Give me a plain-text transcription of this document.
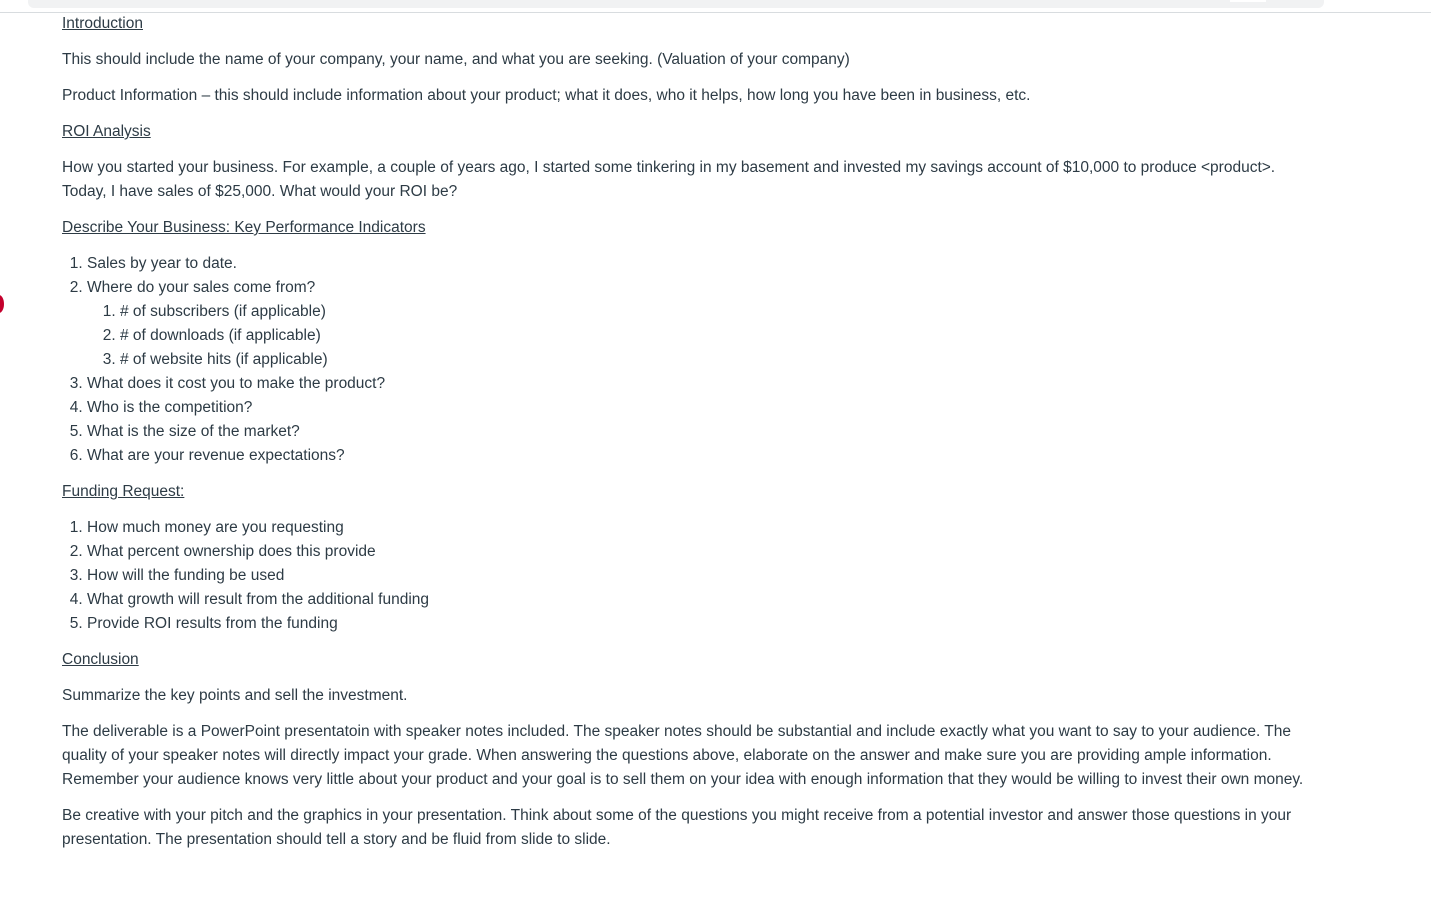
Introduction

This should include the name of your company, your name, and what you are seeking. (Valuation of your company)

Product Information – this should include information about your product; what it does, who it helps, how long you have been in business, etc.

ROI Analysis

How you started your business. For example, a couple of years ago, I started some tinkering in my basement and invested my savings account of $10,000 to produce <product>.
Today, I have sales of $25,000. What would your ROI be?

Describe Your Business: Key Performance Indicators

1. Sales by year to date.
2. Where do your sales come from?
1. # of subscribers (if applicable)
2. # of downloads (if applicable)
3. # of website hits (if applicable)
3. What does it cost you to make the product?
4. Who is the competition?
5. What is the size of the market?
6. What are your revenue expectations?

Funding Request:

1. How much money are you requesting
2. What percent ownership does this provide
3. How will the funding be used
4. What growth will result from the additional funding
5. Provide ROI results from the funding

Conclusion

Summarize the key points and sell the investment.

The deliverable is a PowerPoint presentatoin with speaker notes included. The speaker notes should be substantial and include exactly what you want to say to your audience. The quality of your speaker notes will directly impact your grade. When answering the questions above, elaborate on the answer and make sure you are providing ample information. Remember your audience knows very little about your product and your goal is to sell them on your idea with enough information that they would be willing to invest their own money.

Be creative with your pitch and the graphics in your presentation. Think about some of the questions you might receive from a potential investor and answer those questions in your presentation. The presentation should tell a story and be fluid from slide to slide.
